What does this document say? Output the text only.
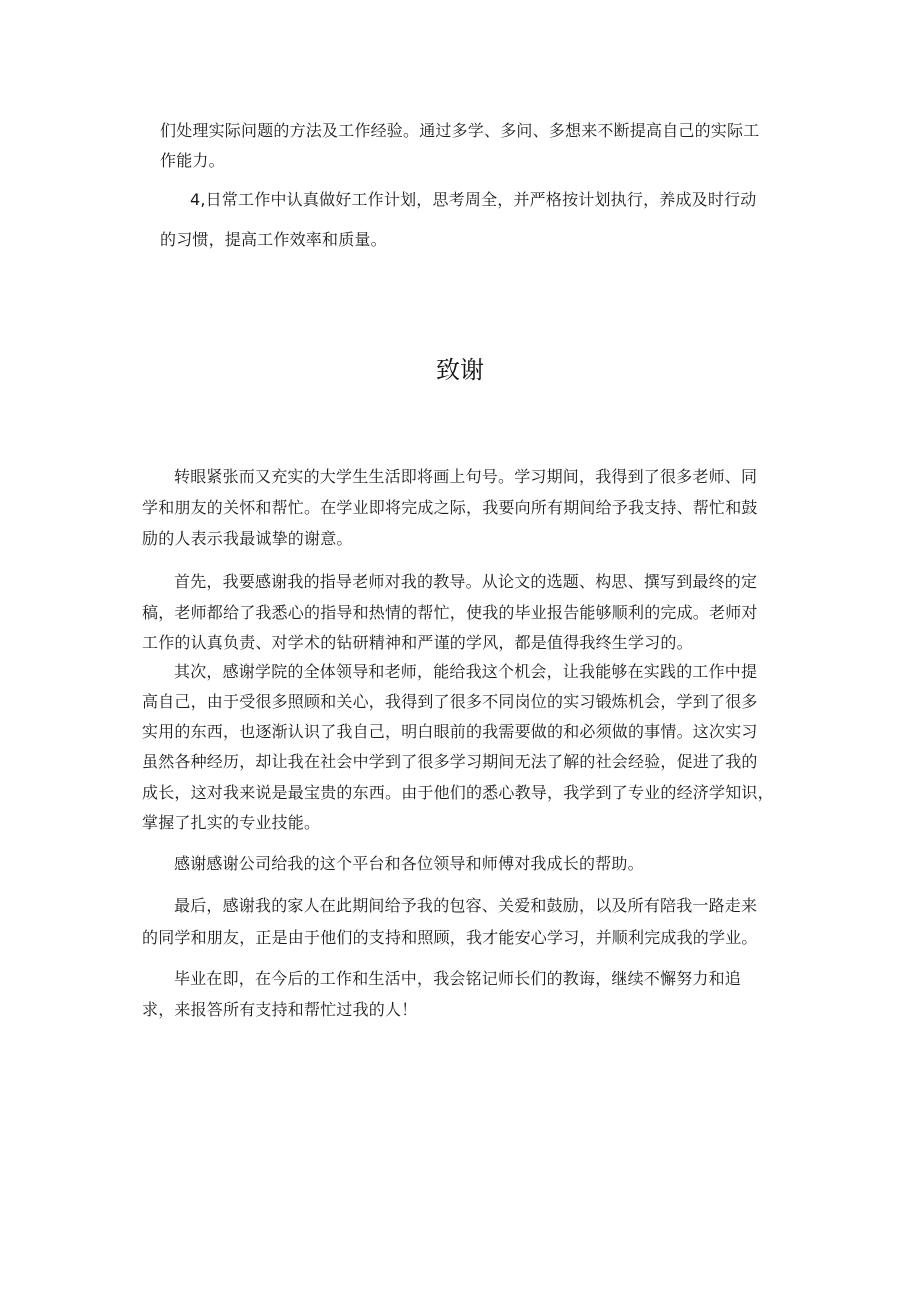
们处理实际问题的方法及工作经验。通过多学、多问、多想来不断提高自己的实际工
作能力。
4,日常工作中认真做好工作计划，思考周全，并严格按计划执行，养成及时行动
的习惯，提高工作效率和质量。
致谢
转眼紧张而又充实的大学生生活即将画上句号。学习期间，我得到了很多老师、同
学和朋友的关怀和帮忙。在学业即将完成之际，我要向所有期间给予我支持、帮忙和鼓
励的人表示我最诚挚的谢意。
首先，我要感谢我的指导老师对我的教导。从论文的选题、构思、撰写到最终的定
稿，老师都给了我悉心的指导和热情的帮忙，使我的毕业报告能够顺利的完成。老师对
工作的认真负责、对学术的钻研精神和严谨的学风，都是值得我终生学习的。
其次，感谢学院的全体领导和老师，能给我这个机会，让我能够在实践的工作中提
高自己，由于受很多照顾和关心，我得到了很多不同岗位的实习锻炼机会，学到了很多
实用的东西，也逐渐认识了我自己，明白眼前的我需要做的和必须做的事情。这次实习
虽然各种经历，却让我在社会中学到了很多学习期间无法了解的社会经验，促进了我的
成长，这对我来说是最宝贵的东西。由于他们的悉心教导，我学到了专业的经济学知识，
掌握了扎实的专业技能。
感谢感谢公司给我的这个平台和各位领导和师傅对我成长的帮助。
最后，感谢我的家人在此期间给予我的包容、关爱和鼓励，以及所有陪我一路走来
的同学和朋友，正是由于他们的支持和照顾，我才能安心学习，并顺利完成我的学业。
毕业在即，在今后的工作和生活中，我会铭记师长们的教诲，继续不懈努力和追
求，来报答所有支持和帮忙过我的人！
